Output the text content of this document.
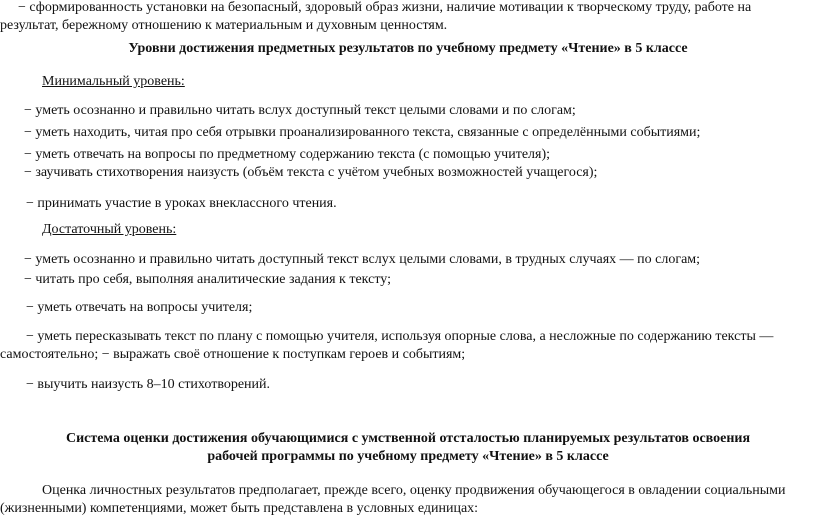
− сформированность установки на безопасный, здоровый образ жизни, наличие мотивации к творческому труду, работе на
результат, бережному отношению к материальным и духовным ценностям.
Уровни достижения предметных результатов по учебному предмету «Чтение» в 5 классе
Минимальный уровень:
− уметь осознанно и правильно читать вслух доступный текст целыми словами и по слогам;
− уметь находить, читая про себя отрывки проанализированного текста, связанные с определёнными событиями;
− уметь отвечать на вопросы по предметному содержанию текста (с помощью учителя);
− заучивать стихотворения наизусть (объём текста с учётом учебных возможностей учащегося);
− принимать участие в уроках внеклассного чтения.
Достаточный уровень:
− уметь осознанно и правильно читать доступный текст вслух целыми словами, в трудных случаях — по слогам;
− читать про себя, выполняя аналитические задания к тексту;
− уметь отвечать на вопросы учителя;
− уметь пересказывать текст по плану с помощью учителя, используя опорные слова, а несложные по содержанию тексты —
самостоятельно; − выражать своё отношение к поступкам героев и событиям;
− выучить наизусть 8–10 стихотворений.
Система оценки достижения обучающимися с умственной отсталостью планируемых результатов освоения
рабочей программы по учебному предмету «Чтение» в 5 классе
Оценка личностных результатов предполагает, прежде всего, оценку продвижения обучающегося в овладении социальными
(жизненными) компетенциями, может быть представлена в условных единицах:
